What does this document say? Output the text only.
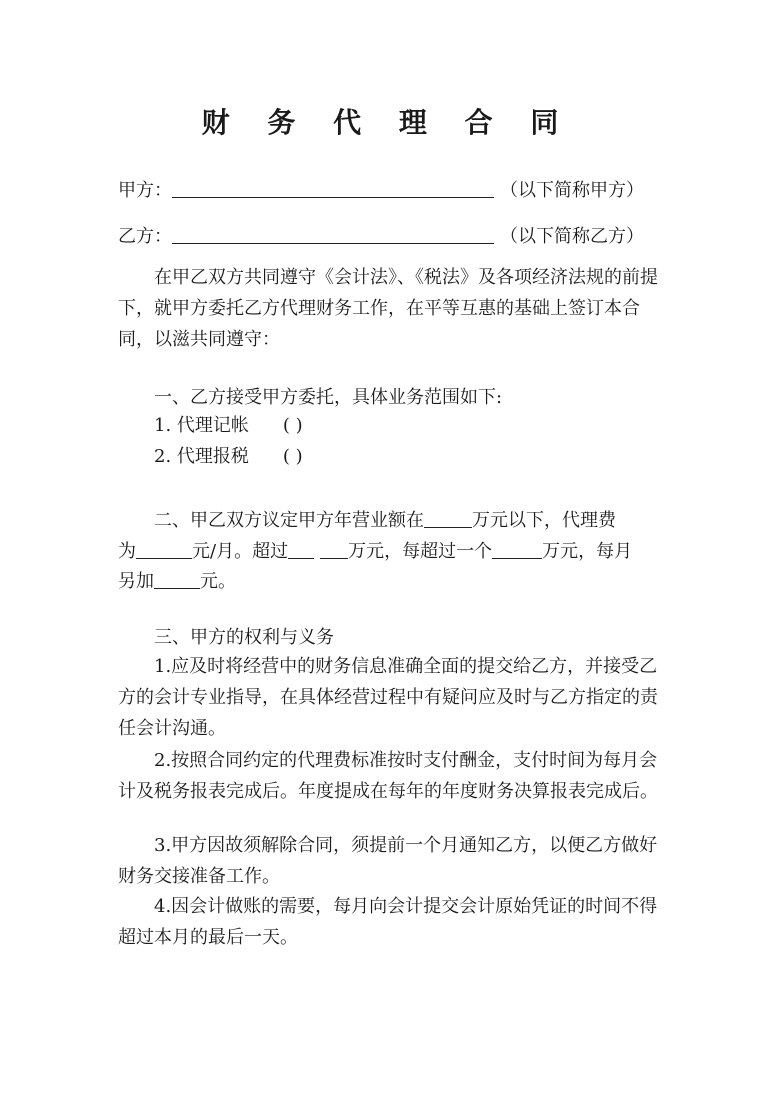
财 务 代 理 合 同
甲方：	（以下简称甲方）
乙方：	（以下简称乙方）
在甲乙双方共同遵守《会计法》、《税法》及各项经济法规的前提下，就甲方委托乙方代理财务工作，在平等互惠的基础上签订本合同，以滋共同遵守：
一、乙方接受甲方委托，具体业务范围如下:
1. 代理记帐 ( )
2. 代理报税 ( )
二、甲乙双方议定甲方年营业额在	万元以下，代理费
为	元/月。超过	万元，每超过一个	万元，每月
另加	元。
三、甲方的权利与义务
1.应及时将经营中的财务信息准确全面的提交给乙方，并接受乙方的会计专业指导，在具体经营过程中有疑问应及时与乙方指定的责任会计沟通。
2.按照合同约定的代理费标准按时支付酬金，支付时间为每月会计及税务报表完成后。年度提成在每年的年度财务决算报表完成后。
3.甲方因故须解除合同，须提前一个月通知乙方，以便乙方做好财务交接准备工作。
4.因会计做账的需要，每月向会计提交会计原始凭证的时间不得超过本月的最后一天。
